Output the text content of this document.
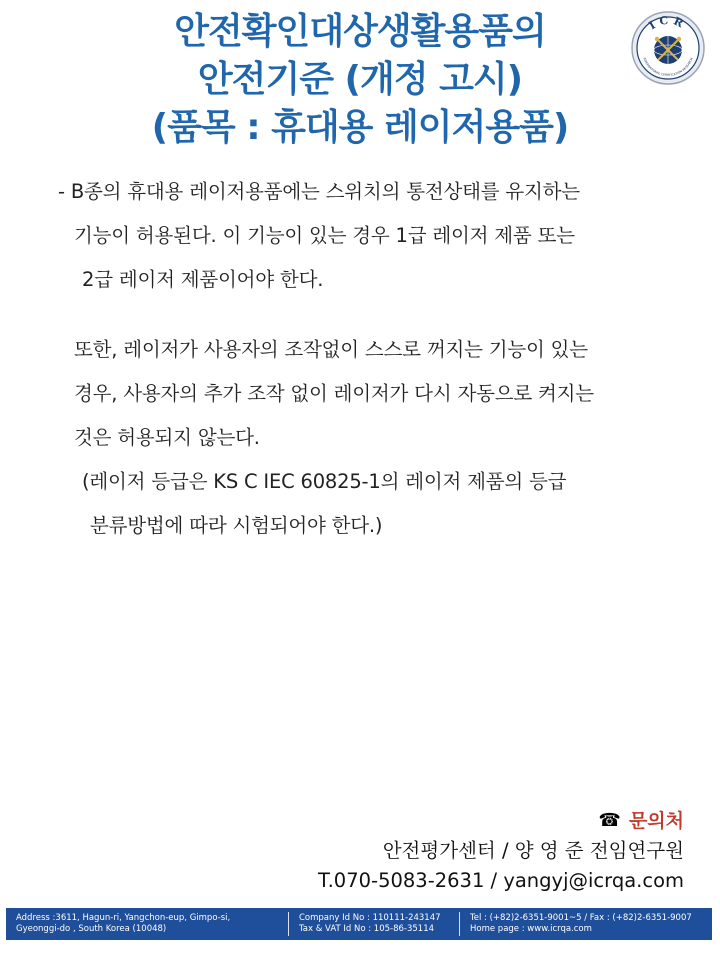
안전확인대상생활용품의
안전기준 (개정 고시)
(품목 : 휴대용 레이저용품)
ICR
INTERNATIONAL CERTIFICATION RESEARCH
- B종의 휴대용 레이저용품에는 스위치의 통전상태를 유지하는
기능이 허용된다. 이 기능이 있는 경우 1급 레이저 제품 또는
2급 레이저 제품이어야 한다.
또한, 레이저가 사용자의 조작없이 스스로 꺼지는 기능이 있는
경우, 사용자의 추가 조작 없이 레이저가 다시 자동으로 켜지는
것은 허용되지 않는다.
(레이저 등급은 KS C IEC 60825-1의 레이저 제품의 등급
분류방법에 따라 시험되어야 한다.)
☎ 문의처
안전평가센터 / 양 영 준 전임연구원
T.070-5083-2631 / yangyj@icrqa.com
Address :3611, Hagun-ri, Yangchon-eup, Gimpo-si,
Gyeonggi-do , South Korea (10048)
Company Id No : 110111-243147
Tax & VAT Id No : 105-86-35114
Tel : (+82)2-6351-9001~5 / Fax : (+82)2-6351-9007
Home page : www.icrqa.com
